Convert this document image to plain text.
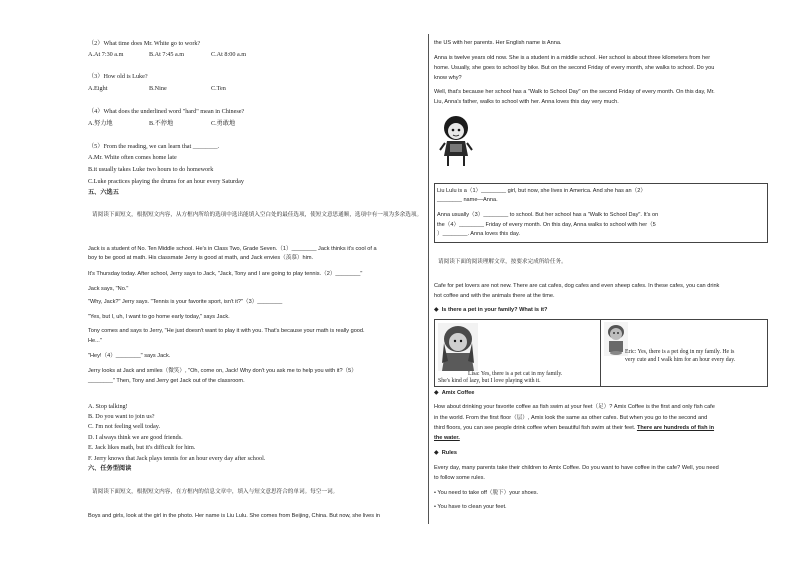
（2）What time does Mr. White go to work?
A.At 7:30 a.m	B.At 7:45 a.m	C.At 8:00 a.m
（3）How old is Luke?
A.Eight	B.Nine	C.Ten
（4）What does the underlined word "hard" mean in Chinese?
A.努力地	B.不停地	C.勇敢地
（5）From the reading, we can learn that ________.
A.Mr. White often comes home late
B.it usually takes Luke two hours to do homework
C.Luke practices playing the drums for an hour every Saturday
五、六选五
请阅读下面短文，根据短文内容，从方框内所给的选项中选出能填入空白处的最佳选项，使短文意思通顺，选项中有一项为多余选项。
Jack is a student of No. Ten Middle school. He's in Class Two, Grade Seven.（1）________ Jack thinks it's cool of a
boy to be good at math. His classmate Jerry is good at math, and Jack envies（羡慕）him.
It's Thursday today. After school, Jerry says to Jack, "Jack, Tony and I are going to play tennis.（2）________"
Jack says, "No."
"Why, Jack?" Jerry says. "Tennis is your favorite sport, isn't it?"（3）________
"Yes, but I, uh, I want to go home early today," says Jack.
Tony comes and says to Jerry, "He just doesn't want to play it with you. That's because your math is really good.
He..."
"Hey!（4）________" says Jack.
Jerry looks at Jack and smiles（微笑）, "Oh, come on, Jack! Why don't you ask me to help you with it?（5）
________" Then, Tony and Jerry get Jack out of the classroom.
A. Stop talking!
B. Do you want to join us?
C. I'm not feeling well today.
D. I always think we are good friends.
E. Jack likes math, but it's difficult for him.
F. Jerry knows that Jack plays tennis for an hour every day after school.
六、任务型阅读
请阅读下面短文，根据短文内容，在方框内的信息文章中，填入与短文意思符合的单词。每空一词。
Boys and girls, look at the girl in the photo. Her name is Liu Lulu. She comes from Beijing, China. But now, she lives in
the US with her parents. Her English name is Anna.
Anna is twelve years old now. She is a student in a middle school. Her school is about three kilometers from her
home. Usually, she goes to school by bike. But on the second Friday of every month, she walks to school. Do you
know why?
Well, that's because her school has a "Walk to School Day" on the second Friday of every month. On this day, Mr.
Liu, Anna's father, walks to school with her. Anna loves this day very much.
Liu Lulu is a（1）________ girl, but now, she lives in America. And she has an（2）
________ name—Anna.
Anna usually（3）________ to school. But her school has a "Walk to School Day". It's on
the（4）________ Friday of every month. On this day, Anna walks to school with her（5
）________. Anna loves this day.
请阅读下面的阅读理解文章，按要求完成所给任务。
Cafe for pet lovers are not new. There are cat cafes, dog cafes and even sheep cafes. In these cafes, you can drink
hot coffee and with the animals there at the time.
◆ Is there a pet in your family? What is it?
Lisa: Yes, there is a pet cat in my family.
She's kind of lazy, but I love playing with it.
Eric: Yes, there is a pet dog in my family. He is
very cute and I walk him for an hour every day.
◆ Amix Coffee
How about drinking your favorite coffee as fish swim at your feet（足）? Amix Coffee is the first and only fish cafe
in the world. From the first floor（层）, Amix look the same as other cafes. But when you go to the second and
third floors, you can see people drink coffee when beautiful fish swim at their feet. There are hundreds of fish in
the water.
◆ Rules
Every day, many parents take their children to Amix Coffee. Do you want to have coffee in the cafe? Well, you need
to follow some rules.
• You need to take off（脱下）your shoes.
• You have to clean your feet.
